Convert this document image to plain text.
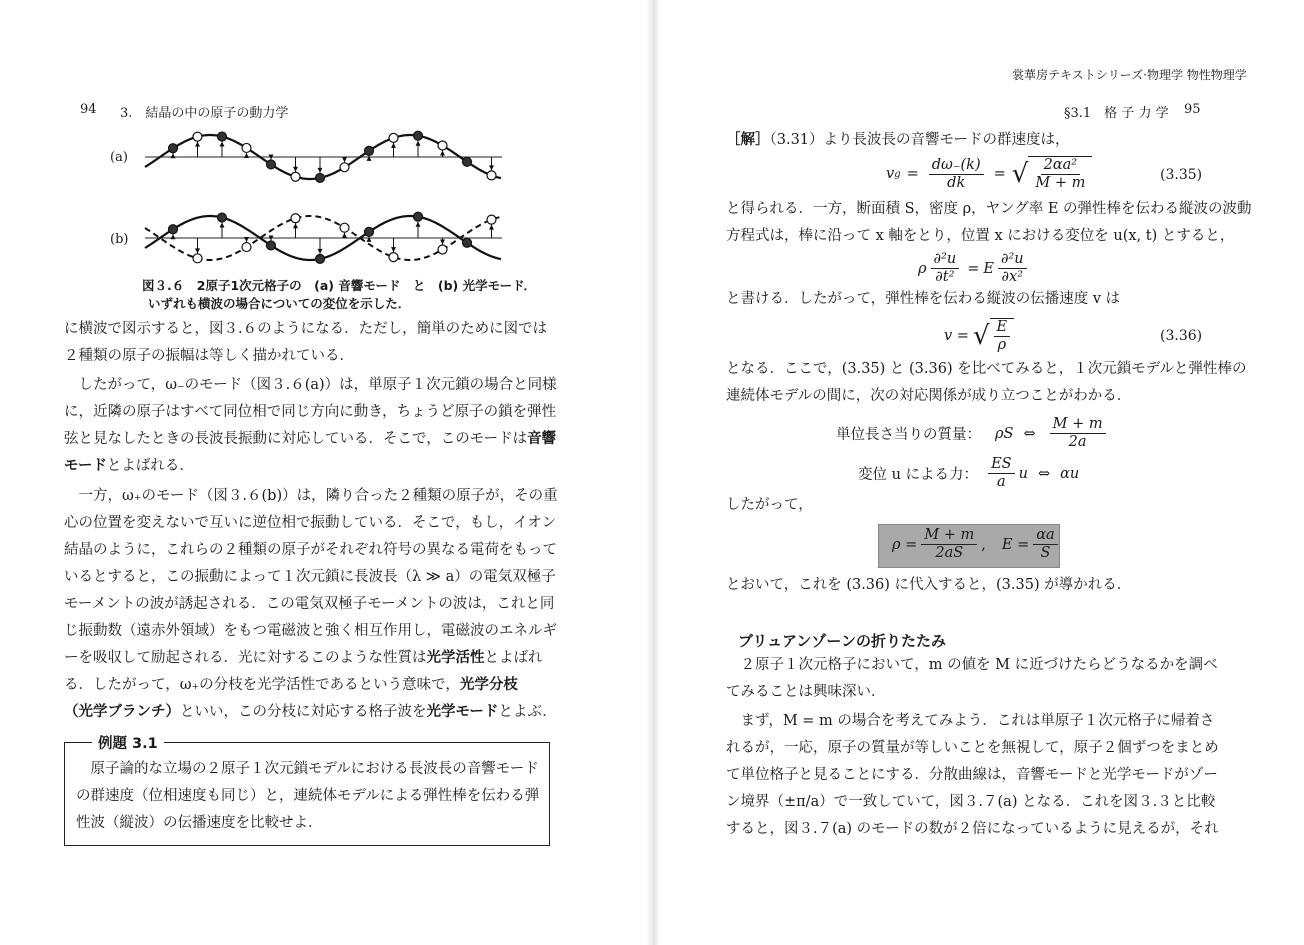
94 3.　結晶の中の原子の動力学
(a)
(b)
図３.６　2原子1次元格子の　(a) 音響モード　と　(b) 光学モード．
いずれも横波の場合についての変位を示した．
に横波で図示すると，図３.６のようになる．ただし，簡単のために図では
２種類の原子の振幅は等しく描かれている．
　したがって，ω₋のモード（図３.６(a)）は，単原子１次元鎖の場合と同様
に，近隣の原子はすべて同位相で同じ方向に動き，ちょうど原子の鎖を弾性
弦と見なしたときの長波長振動に対応している．そこで，このモードは音響
モードとよばれる．
　一方，ω₊のモード（図３.６(b)）は，隣り合った２種類の原子が，その重
心の位置を変えないで互いに逆位相で振動している．そこで，もし，イオン
結晶のように，これらの２種類の原子がそれぞれ符号の異なる電荷をもって
いるとすると，この振動によって１次元鎖に長波長（λ ≫ a）の電気双極子
モーメントの波が誘起される．この電気双極子モーメントの波は，これと同
じ振動数（遠赤外領域）をもつ電磁波と強く相互作用し，電磁波のエネルギ
ーを吸収して励起される．光に対するこのような性質は光学活性とよばれ
る．したがって，ω₊の分枝を光学活性であるという意味で，光学分枝
（光学ブランチ）といい，この分枝に対応する格子波を光学モードとよぶ．
例題 3.1
　原子論的な立場の２原子１次元鎖モデルにおける長波長の音響モード
の群速度（位相速度も同じ）と，連続体モデルによる弾性棒を伝わる弾
性波（縦波）の伝播速度を比較せよ．
裳華房テキストシリーズ·物理学 物性物理学
§3.1　格 子 力 学 95
［解］（3.31）より長波長の音響モードの群速度は，
v $g = \frac{d\omega_-(k)}{dk}$ = √ $\frac{\text{2αa²}}{M + m}$	(3.35)
と得られる．一方，断面積 S，密度 ρ，ヤング率 E の弾性棒を伝わる縦波の波動
方程式は，棒に沿って x 軸をとり，位置 x における変位を u(x, t) とすると，
ρ $\frac{\text{∂²u}}{\text{∂t²}} = E \frac{\text{∂²u}}{\text{∂x²}}$
と書ける．したがって，弾性棒を伝わる縦波の伝播速度 v は
v = √ $\frac{E}{\rho}$	(3.36)
となる．ここで，(3.35) と (3.36) を比べてみると，１次元鎖モデルと弾性棒の
連続体モデルの間に，次の対応関係が成り立つことがわかる．
単位長さ当りの質量： ρS ⇔ $\frac{M + m}{2a}$
変位 u による力： $\frac{ES}{a}$ u ⇔ αu
したがって，
$\rho = \frac{M + m}{2aS}$ , $E = \frac{\alpha a}{S}$
とおいて，これを (3.36) に代入すると，(3.35) が導かれる．
ブリュアンゾーンの折りたたみ
　２原子１次元格子において，m の値を M に近づけたらどうなるかを調べ
てみることは興味深い．
　まず，M = m の場合を考えてみよう．これは単原子１次元格子に帰着さ
れるが，一応，原子の質量が等しいことを無視して，原子２個ずつをまとめ
て単位格子と見ることにする．分散曲線は，音響モードと光学モードがゾー
ン境界（±π/a）で一致していて，図３.７(a) となる．これを図３.３と比較
すると，図３.７(a) のモードの数が２倍になっているように見えるが，それ
